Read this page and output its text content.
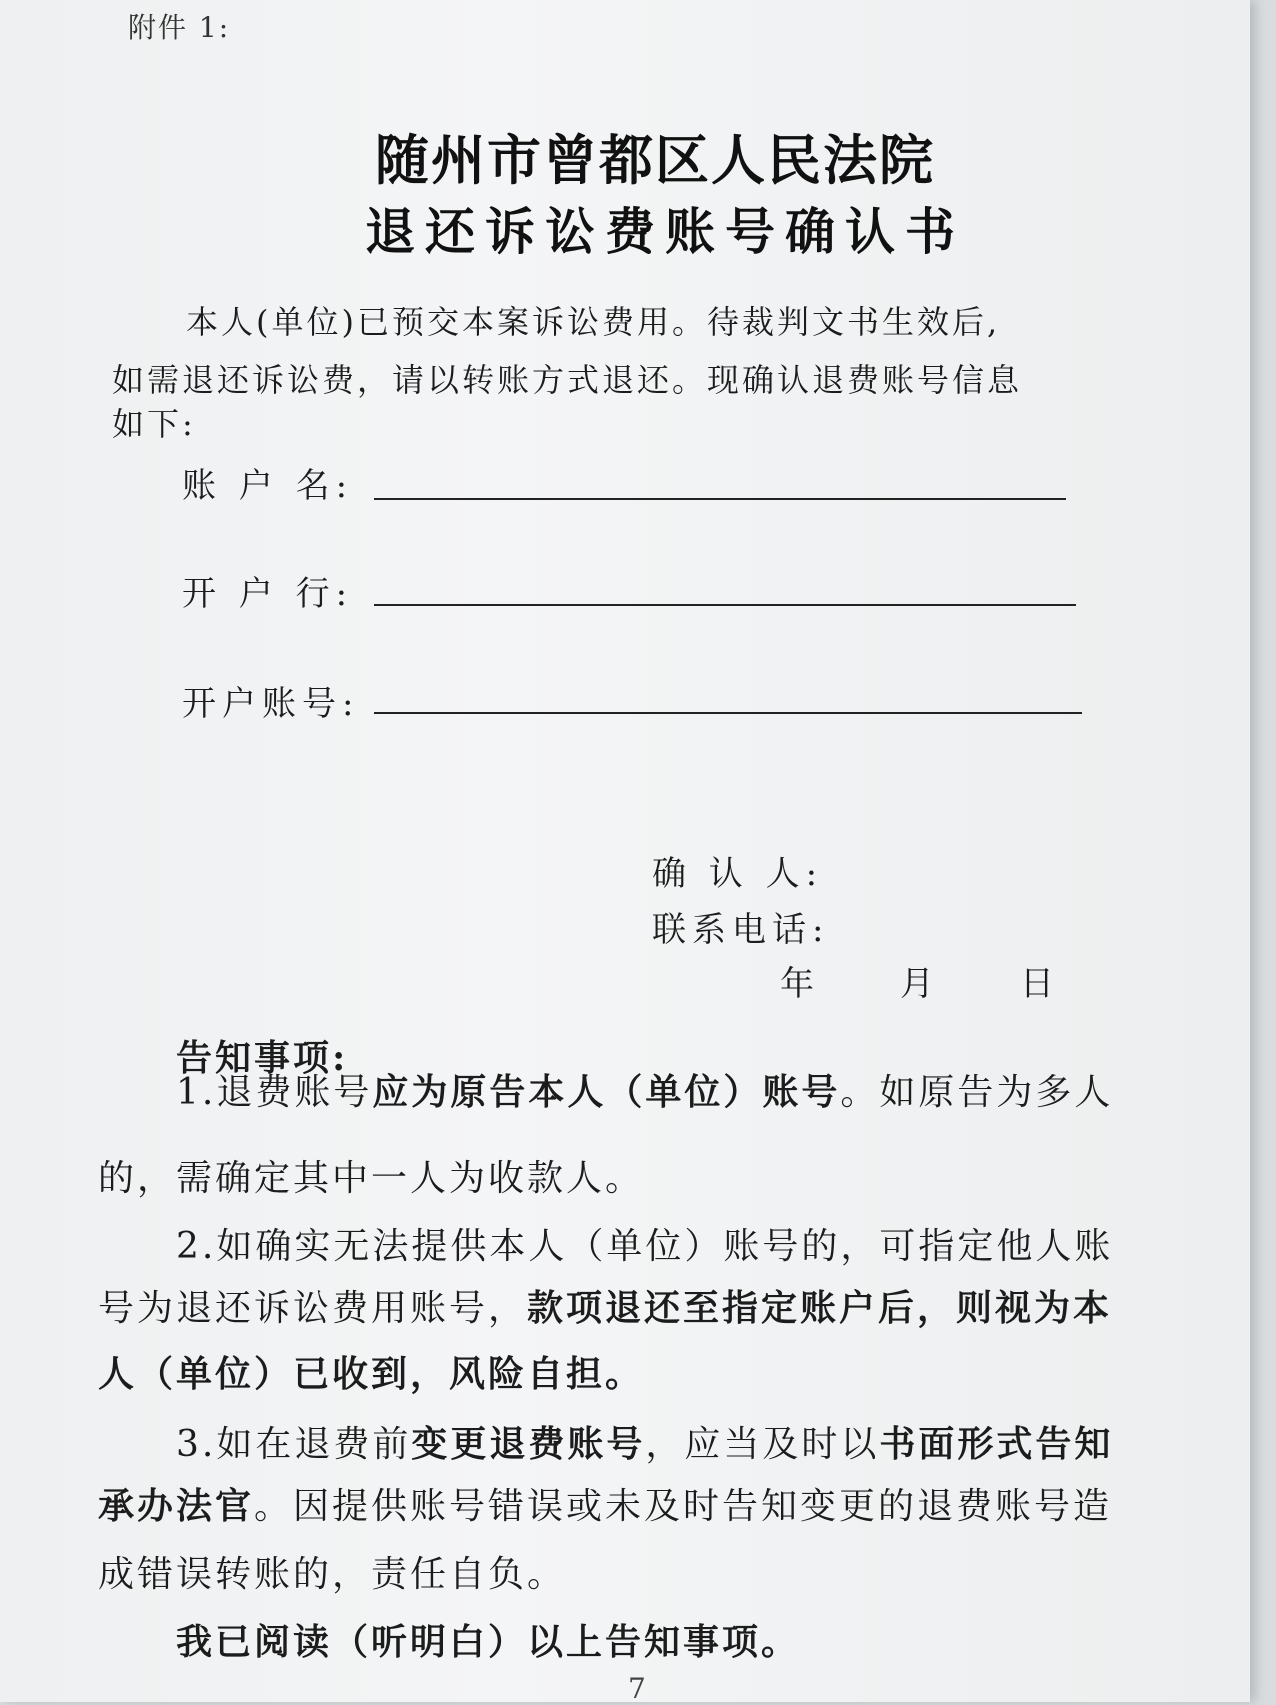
附件 1:
随州市曾都区人民法院
退还诉讼费账号确认书
本人(单位)已预交本案诉讼费用。待裁判文书生效后,
如需退还诉讼费，请以转账方式退还。现确认退费账号信息
如下:
账 户 名:
开 户 行:
开户账号:
确 认 人:
联系电话:
年　　月　　日
告知事项:
1.退费账号应为原告本人（单位）账号。如原告为多人
的，需确定其中一人为收款人。
2.如确实无法提供本人（单位）账号的，可指定他人账
号为退还诉讼费用账号，款项退还至指定账户后，则视为本
人（单位）已收到，风险自担。
3.如在退费前变更退费账号，应当及时以书面形式告知
承办法官。因提供账号错误或未及时告知变更的退费账号造
成错误转账的，责任自负。
我已阅读（听明白）以上告知事项。
7
